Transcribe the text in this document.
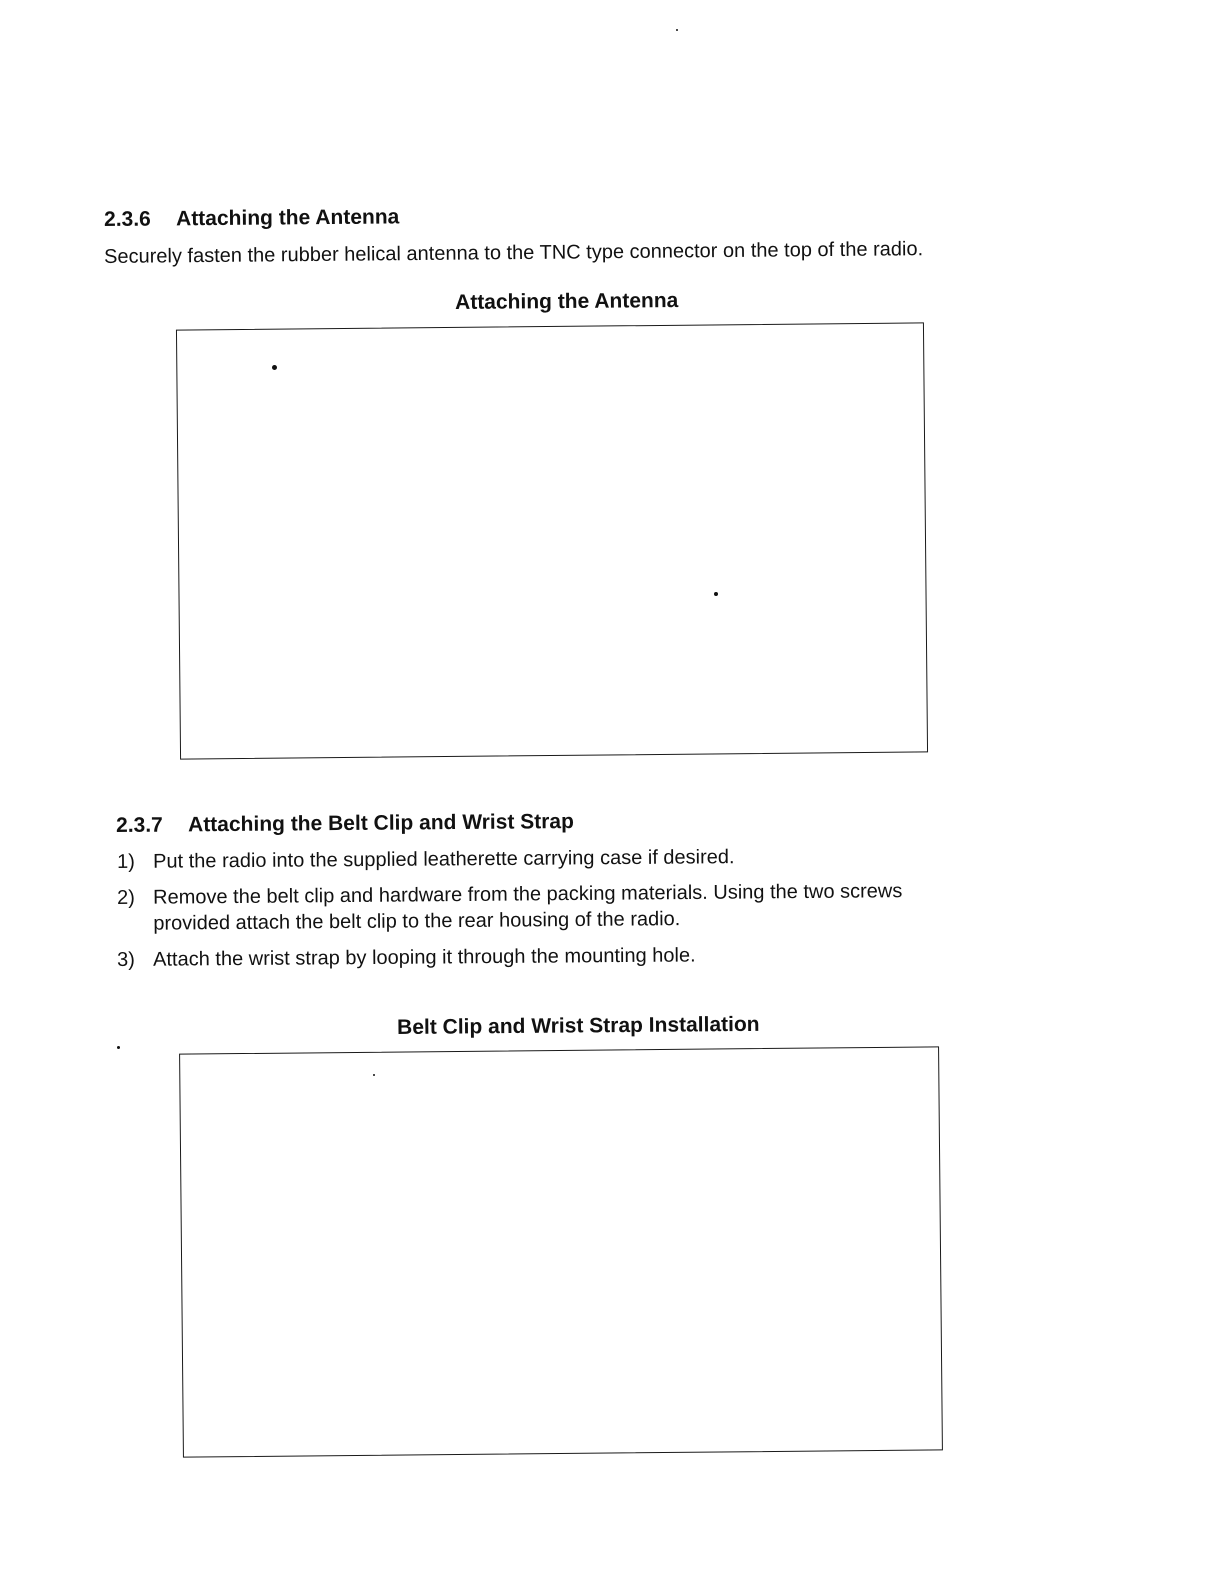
2.3.6 Attaching the Antenna
Securely fasten the rubber helical antenna to the TNC type connector on the top of the radio.
Attaching the Antenna
2.3.7 Attaching the Belt Clip and Wrist Strap
1) Put the radio into the supplied leatherette carrying case if desired.
2) Remove the belt clip and hardware from the packing materials. Using the two screws
provided attach the belt clip to the rear housing of the radio.
3) Attach the wrist strap by looping it through the mounting hole.
Belt Clip and Wrist Strap Installation
